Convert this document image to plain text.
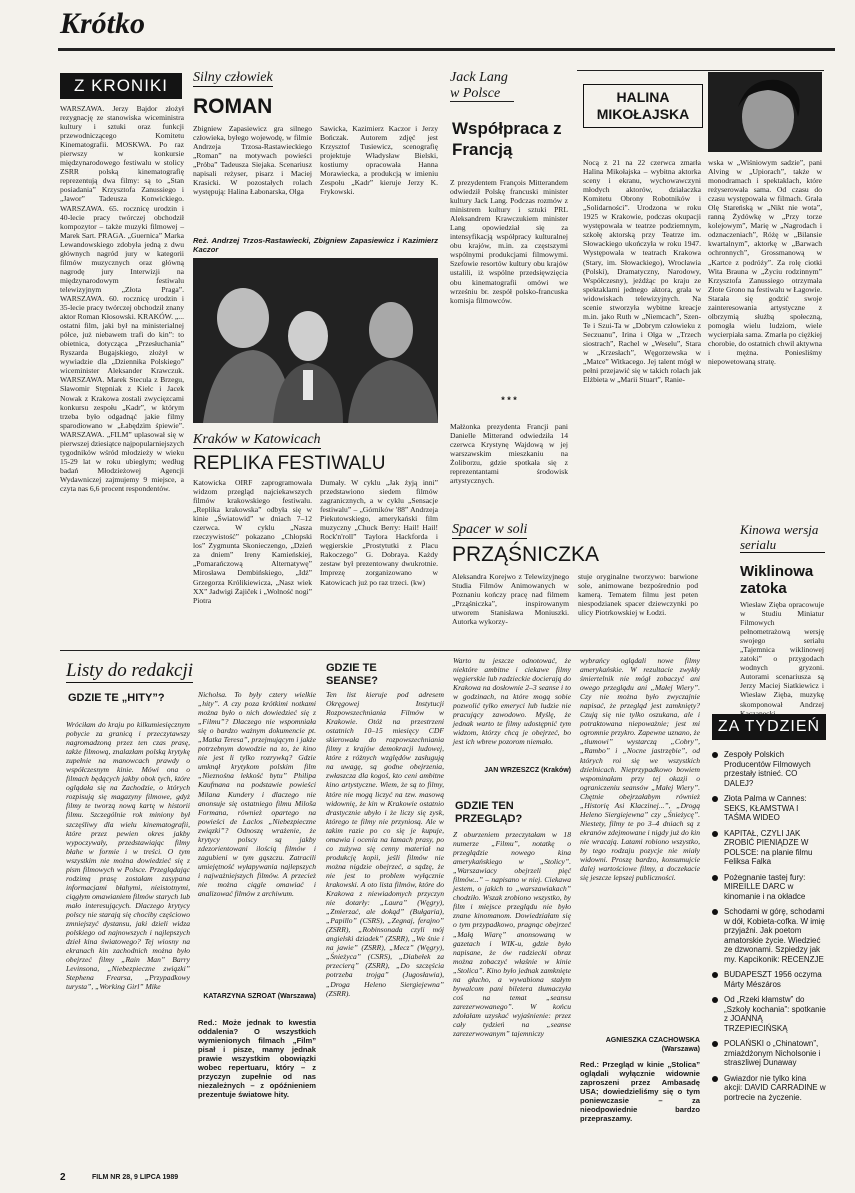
Krótko
Z KRONIKI
WARSZAWA. Jerzy Bajdor złożył rezygnację ze stanowiska wiceministra kultury i sztuki oraz funkcji przewodniczącego Komitetu Kinematografii. MOSKWA. Po raz pierwszy w konkursie międzynarodowego festiwalu w stolicy ZSRR polską kinematografię reprezentują dwa filmy: są to „Stan posiadania” Krzysztofa Zanussiego i „Jawor” Tadeusza Konwickiego. WARSZAWA. 65. rocznicę urodzin i 40-lecie pracy twórczej obchodził kompozytor – także muzyki filmowej – Marek Sart. PRAGA. „Guernica” Marka Lewandowskiego zdobyła jedną z dwu głównych nagród jury w kategorii filmów muzycznych oraz główną nagrodę jury Interwizji na międzynarodowym festiwalu telewizyjnym „Złota Praga”. WARSZAWA. 60. rocznicę urodzin i 35-lecie pracy twórczej obchodził znany aktor Roman Kłosowski. KRAKÓW. „... ostatni film, jaki był na ministerialnej półce, już niebawem trafi do kin”: to obietnica, dotycząca „Przesłuchania” Ryszarda Bugajskiego, złożył w wywiadzie dla „Dziennika Polskiego” wiceminister Aleksander Krawczuk. WARSZAWA. Marek Steculа z Brzegu, Sławomir Stępniak z Kielc i Jacek Nowak z Krakowa zostali zwycięzcami konkursu zespołu „Kadr”, w którym trzeba było odgadnąć jakie filmy sparodiowano w „Łabędzim śpiewie”. WARSZAWA. „FILM” uplasował się w pierwszej dziesiątce najpopularniejszych tygodników wśród młodzieży w wieku 15-29 lat w roku ubiegłym; według badań Młodzieżowej Agencji Wydawniczej zajmujemy 9 miejsce, a czyta nas 6,6 procent respondentów.
Silny człowiek
ROMAN
Zbigniew Zapasiewicz gra silnego człowieka, byłego wojewodę, w filmie Andrzeja Trzosa-Rastawieckiego „Roman” na motywach powieści „Próba” Tadeusza Siejaka. Scenariusz napisali reżyser, pisarz i Maciej Krasicki. W pozostałych rolach występują: Halina Łabonarska, Olga
Sawicka, Kazimierz Kaczor i Jerzy Bończak. Autorem zdjęć jest Krzysztof Tusiewicz, scenografię projektuje Władysław Bielski, kostiumy opracowała Hanna Morawiecka, a produkcją w imieniu Zespołu „Kadr” kieruje Jerzy K. Frykowski.
Reż. Andrzej Trzos-Rastawiecki, Zbigniew Zapasiewicz i Kazimierz Kaczor
Jack Lang w Polsce
Współpraca z Francją
Z prezydentem François Mitterandem odwiedził Polskę francuski minister kultury Jack Lang. Podczas rozmów z ministrem kultury i sztuki PRL Aleksandrem Krawczukiem minister Lang opowiedział się za intensyfikacją współpracy kulturalnej obu krajów, m.in. za częstszymi wspólnymi produkcjami filmowymi. Szefowie resortów kultury obu krajów ustalili, iż wspólne przedsięwzięcia obu kinematografii omówi we wrześniu br. zespół polsko-francuska komisja filmowców.
* * *
Małżonka prezydenta Francji pani Danielle Mitterand odwiedziła 14 czerwca Krystynę Wajdową w jej warszawskim mieszkaniu na Żoliborzu, gdzie spotkała się z reprezentantami środowisk artystycznych.
HALINA MIKOŁAJSKA
Nocą z 21 na 22 czerwca zmarła Halina Mikołajska – wybitna aktorka sceny i ekranu, wychowawczyni młodych aktorów, działaczka Komitetu Obrony Robotników i „Solidarności”. Urodzona w roku 1925 w Krakowie, podczas okupacji występowała w teatrze podziemnym, szkołę aktorską przy Teatrze im. Słowackiego ukończyła w roku 1947. Występowała w teatrach Krakowa (Stary, im. Słowackiego), Wrocławia (Polski), Dramatyczny, Narodowy, Współczesny), jeżdżąc po kraju ze spektaklami jednego aktora, grała w widowiskach telewizyjnych. Na scenie stworzyła wybitne kreacje m.in. jako Ruth w „Niemcach”, Szen-Te i Szui-Ta w „Dobrym człowieku z Seczuanu”, Irina i Olga w „Trzech siostrach”, Rachel w „Weselu”, Stara w „Krzesłach”, Węgorzewska w „Matce” Witkacego. Jej talent mógł w pełni przejawić się w takich rolach jak Elżbieta w „Marii Stuart”, Ranie-
wska w „Wiśniowym sadzie”, pani Alving w „Upiorach”, także w monodramach i spektaklach, które reżyserowała sama. Od czasu do czasu występowała w filmach. Grała Olę Stareńską w „Nikt nie wota”, ranną Żydówkę w „Przy torze kolejowym”, Marię w „Nagrodach i odznaczeniach”, Różę w „Bilansie kwartalnym”, aktorkę w „Barwach ochronnych”, Grossmanową w „Kartce z podróży”. Za rolę ciotki Wita Brauna w „Życiu rodzinnym” Krzysztofa Zanussiego otrzymała Złote Grono na festiwalu w Łagowie. Starała się godzić swoje zainteresowania artystyczne z olbrzymią służbą społeczną, pomogła wielu ludziom, wiele wycierpiała sama. Zmarła po ciężkiej chorobie, do ostatnich chwil aktywna i mężna. Poniesliśmy niepowetowaną stratę.
Kraków w Katowicach
REPLIKA FESTIWALU
Katowicka OIRF zaprogramowała widzom przegląd najciekawszych filmów krakowskiego festiwalu. „Replika krakowska” odbyła się w kinie „Światowid” w dniach 7–12 czerwca. W cyklu „Nasza rzeczywistość” pokazano „Chłopski los” Zygmunta Skonieczengo, „Dzień za dniem” Ireny Kamieńskiej, „Pomarańczową Alternatywę” Mirosława Dembińskiego, „Idź” Grzegorza Królikiewicza, „Nasz wiek XX” Jadwigi Żajiček i „Wolność nogi” Piotra
Dumały. W cyklu „Jak żyją inni” przedstawiono siedem filmów zagranicznych, a w cyklu „Sensacje festiwalu” – „Górników '88” Andrzeja Piekutowskiego, amerykański film muzyczny „Chuck Berry: Hail! Hail! Rock'n'roll” Taylora Hackforda i węgierskie „Prostytutki z Placu Rakoczego” G. Dobraya. Każdy zestaw był prezentowany dwukrotnie. Imprezę zorganizowano w Katowicach już po raz trzeci. (kw)
Spacer w soli
PRZĄŚNICZKA
Aleksandra Korejwo z Telewizyjnego Studia Filmów Animowanych w Poznaniu kończy pracę nad filmem „Prząśniczka”, inspirowanym utworem Stanisława Moniuszki. Autorka wykorzy-
stuje oryginalne tworzywo: barwione sole, animowane bezpośrednio pod kamerą. Tematem filmu jest peten niespodzianek spacer dziewczynki po ulicy Piotrkowskiej w Łodzi.
Kinowa wersja serialu
Wiklinowa zatoka
Wiesław Zięba opracowuje w Studiu Miniatur Filmowych pełnometrażową wersję swojego serialu „Tajemnica wiklinowej zatoki” o przygodach wodnych gryzoni. Autorami scenariusza są Jerzy Maciej Siatkiewicz i Wiesław Zięba, muzykę skomponował Andrzej
Listy do redakcji
GDZIE TE „HITY”?
Wróciłam do kraju po kilkumiesięcznym pobycie za granicą i przeczytawszy nagromadzoną przez ten czas prasę, także filmową, znalazłam polską krytykę zupełnie na manowcach prawdy o współczesnym kinie. Mówi ona o filmach będących jakby obok tych, które oglądała się na Zachodzie, o których rozpisują się magazyny filmowe, gdyż filmy te tworzą nową kartę w historii filmu. Szczególnie rok miniony był szczęśliwy dla wielu kinematografii, które przez pewien okres jakby wypoczywały, przedstawiając filmy błahe w formie i w treści. O tym wszystkim nie można dowiedzieć się z pism filmowych w Polsce. Przeglądając rodzimą prasę zostałam zasypana informacjami błahymi, nieistotnymi, ciągłym omawianiem filmów starych lub mało interesujących. Dlaczego krytycy polscy nie starają się chociby częściowo zmniejszyć dystansu, jaki dzieli widza polskiego od najnowszych i najlepszych dzieł kina światowego? Tej wiosny na ekranach kin zachodnich można było obejrzeć filmy „Rain Man” Barry Levinsona, „Niebezpieczne związki” Stephena Frearsa, „Przypadkowy turysta”, „Working Girl” Mike
Nicholsa. To były cztery wielkie „hity”. A czy poza krótkimi notkami można było o nich dowiedzieć się z „Filmu”? Dlaczego nie wspomniała się o bardzo ważnym dokumencie pt. „Matka Teresa”, przejmującym i jakże potrzebnym dowodzie na to, że kino nie jest li tylko rozrywką? Gdzie umknął krytykom polskim film „Nieznośna lekkość bytu” Philipa Kaufmana na podstawie powieści Milana Kundery i dlaczego nie anonsuje się ostatniego filmu Miloša Formana, również opartego na powieści de Laclos „Niebezpieczne związki”? Odnoszę wrażenie, że krytycy polscy są jakby zdezorientowani ilością filmów i zagubieni w tym gąszczu. Zatracili umiejętność wyłapywania najlepszych i najważniejszych filmów. A przecież nie można ciągle omawiać i analizować filmów z archiwum.
KATARZYNA SZROAT (Warszawa)
Red.: Może jednak to kwestia oddalenia? O wszystkich wymienionych filmach „Film” pisał i pisze, mamy jednak prawie wszystkim obowiązki wobec repertuaru, który – z przyczyn zupełnie od nas niezależnych – z opóźnieniem prezentuje światowe hity.
GDZIE TE SEANSE?
Ten list kieruje pod adresem Okręgowej Instytucji Rozpowszechniania Filmów w Krakowie. Otóż na przestrzeni ostatnich 10–15 miesięcy CDF skierowała do rozpowszechniania filmy z krajów demokracji ludowej, które z różnych względów zasługują na uwagę, są godne obejrzenia, zwłaszcza dla kogoś, kto ceni ambitne kino artystyczne. Wiem, że są to filmy, które nie mogą liczyć na tzw. masową widownię, że kin w Krakowie ostatnio drastycznie ubyło i że liczy się zysk, którego te filmy nie przyniosą. Ale w takim razie po co się je kupuje, omawia i ocenia na łamach prasy, po co zużywa się cenny materiał na produkcję kopii, jeśli filmów nie można nigdzie obejrzeć, a sądzę, że nie jest to problem wyłącznie krakowski. A oto lista filmów, które do Krakowa z niewiadomych przyczyn nie dotarły: „Laura” (Węgry), „Zmierzać, ale dokąd” (Bułgaria), „Papillo” (CSRS), „Zegnaj, ferajno” (ZSRR), „Robinsonada czyli mój angielski dziadek” (ZSRR), „We śnie i na jawie” (ZSRR), „Mecz” (Węgry), „Śnieżyca” (CSRS), „Diabełek za przecierą” (ZSRR), „Do szczęścia potrzeba trojga” (Jugosławia), „Droga Heleno Siergiejewna” (ZSRR).
Warto tu jeszcze odnotować, że niektóre ambitne i ciekawe filmy węgierskie lub radzieckie docierają do Krakowa na dosłownie 2–3 seanse i to w godzinach, na które mogą sobie pozwolić tylko emeryci lub ludzie nie pracujący zawodowo. Myślę, że jednak warto te filmy udostępnić tym widzom, którzy chcą je obejrzeć, bo jest ich wbrew pozorom niemało.
JAN WRZESZCZ (Kraków)
GDZIE TEN PRZEGLĄD?
Z oburzeniem przeczytałam w 18 numerze „Filmu”, notatkę o przeglądzie nowego kina amerykańskiego w „Stolicy”. „Warszawiacy obejrzeli pięć filmów...” – napisano w niej. Ciekawa jestem, o jakich to „warszawiakach” chodziło. Wszak zrobiono wszystko, by film i miejsce przeglądu nie było znane kinomanom. Dowiedziałam się o tym przypadkowo, pragnąc obejrzeć „Małą Wiarę” anonsowaną w gazetach i WIK-u, gdzie było napisane, że ów radziecki obraz można zobaczyć właśnie w kinie „Stolica”. Kino było jednak zamknięte na głucho, a wywabiona stałym bywalcom pani biletera tłumaczyła coś na temat „seansu zarezerwowanego”. W końcu zdołałam uzyskać wyjaśnienie: przez cały tydzień na „seanse zarezerwowanym” tajemniczy
wybrańcy oglądali nowe filmy amerykańskie. W rezultacie zwykły śmiertelnik nie mógł zobaczyć ani owego przeglądu ani „Małej Wiery”. Czy nie można było zwyczajnie napisać, że przegląd jest zamknięty? Czują się nie tylko oszukana, ale i potraktowana niepoważnie; jest mi ogromnie przykro. Zapewne uznano, że „tłumowi” wystarczą „Cobry”, „Rambo” i „Nocne jastrzębie”, od których roi się we wszystkich dzielnicach. Nieprzypadkowo bowiem wspominałam przy tej okazji o ograniczeniu seansów „Małej Wiery”. Chętnie obejrzałabym również „Historię Asi Klaczinej...”, „Drogą Heleno Siergiejewna” czy „Śnieżycę”. Niestety, filmy te po 3–4 dniach są z ekranów zdejmowane i nigdy już do kin nie wracają. Latami robiono wszystko, by tego rodzaju pozycje nie miały widowni. Proszę bardzo, konsumujcie dalej wartościowe filmy, a doczekacie się jeszcze lepszej publiczności.
AGNIESZKA CZACHOWSKA (Warszawa)
Red.: Przegląd w kinie „Stolica” oglądali wyłącznie widownie zaproszeni przez Ambasadę USA; dowiedzieliśmy się o tym poniewczasie – za nieodpowiednie bardzo przepraszamy.
ZA TYDZIEŃ
Zespoły Polskich Producentów Filmowych przestały istnieć. CO DALEJ?
Złota Palma w Cannes: SEKS, KŁAMSTWA I TAŚMA WIDEO
KAPITAŁ, CZYLI JAK ZROBIĆ PIENIĄDZE W POLSCE: na planie filmu Feliksa Falka
Pożegnanie tastej fury: MIREILLE DARC w kinomanie i na okładce
Schodami w górę, schodami w dół, Kobieta-cofka. W imię przyjaźni. Jak poetom amatorskie życie. Wiedzieć ze dzwonami. Szpiedzy jak my. Kapcikonik: RECENZJE
BUDAPESZT 1956 oczyma Márty Mészáros
Od „Rzeki kłamstw” do „Szkoły kochania”: spotkanie z JOANNĄ TRZEPIECIŃSKĄ
POLAŃSKI o „Chinatown”, zmiażdżonym Nicholsonie i straszliwej Dunaway
Gwiazdor nie tylko kina akcji: DAVID CARRADINE w portrecie na życzenie.
2	FILM NR 28, 9 LIPCA 1989
